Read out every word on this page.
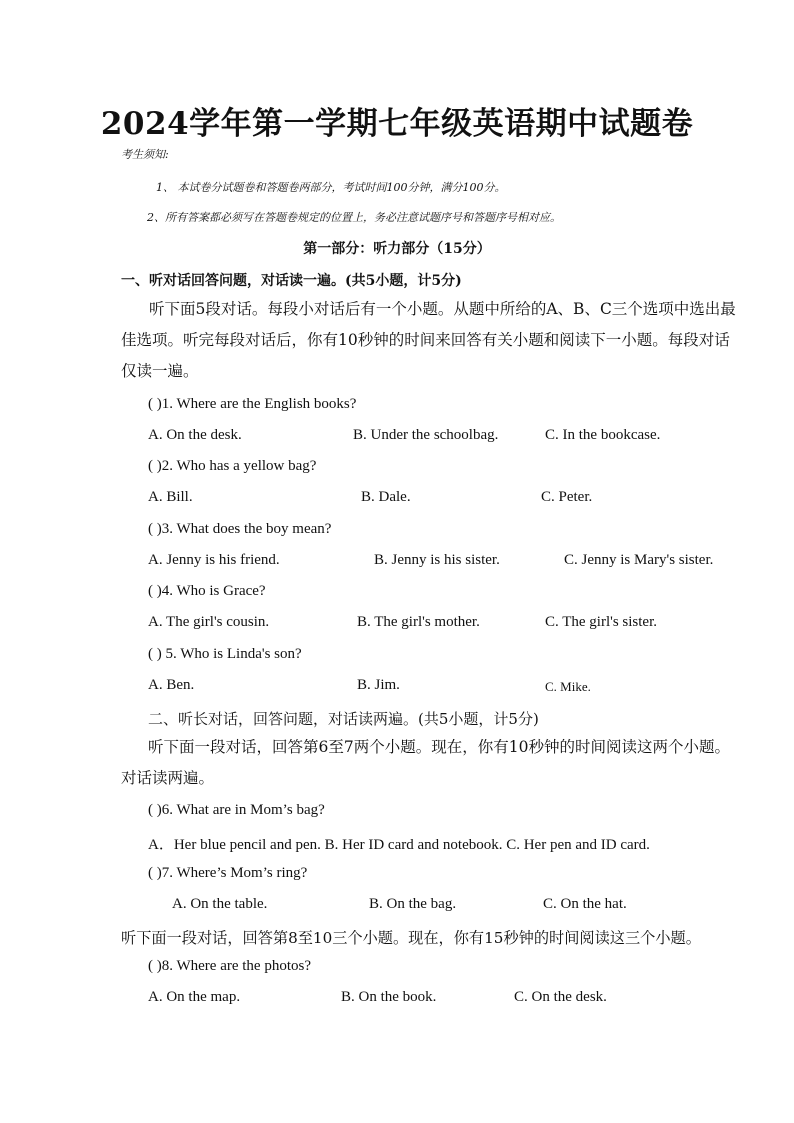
2024学年第一学期七年级英语期中试题卷
考生须知:
1、 本试卷分试题卷和答题卷两部分，考试时间100分钟，满分100分。
2、所有答案都必须写在答题卷规定的位置上，务必注意试题序号和答题序号相对应。
第一部分：听力部分（15分）
一、听对话回答问题，对话读一遍。(共5小题，计5分)
听下面5段对话。每段小对话后有一个小题。从题中所给的A、B、C三个选项中选出最佳选项。听完每段对话后，你有10秒钟的时间来回答有关小题和阅读下一小题。每段对话仅读一遍。
( )1. Where are the English books?
A. On the desk.	B. Under the schoolbag.	C. In the bookcase.
( )2. Who has a yellow bag?
A. Bill.	B. Dale.	C. Peter.
( )3. What does the boy mean?
A. Jenny is his friend.	B. Jenny is his sister.	C. Jenny is Mary's sister.
( )4. Who is Grace?
A. The girl's cousin.	B. The girl's mother.	C. The girl's sister.
( ) 5. Who is Linda's son?
A. Ben.	B. Jim.	C. Mike.
二、听长对话，回答问题，对话读两遍。(共5小题，计5分)
听下面一段对话，回答第6至7两个小题。现在，你有10秒钟的时间阅读这两个小题。对话读两遍。
( )6. What are in Mom’s bag?
A．Her blue pencil and pen. B. Her ID card and notebook. C. Her pen and ID card.
( )7. Where’s Mom’s ring?
A. On the table.	B. On the bag.	C. On the hat.
听下面一段对话，回答第8至10三个小题。现在，你有15秒钟的时间阅读这三个小题。
( )8. Where are the photos?
A. On the map.	B. On the book.	C. On the desk.
